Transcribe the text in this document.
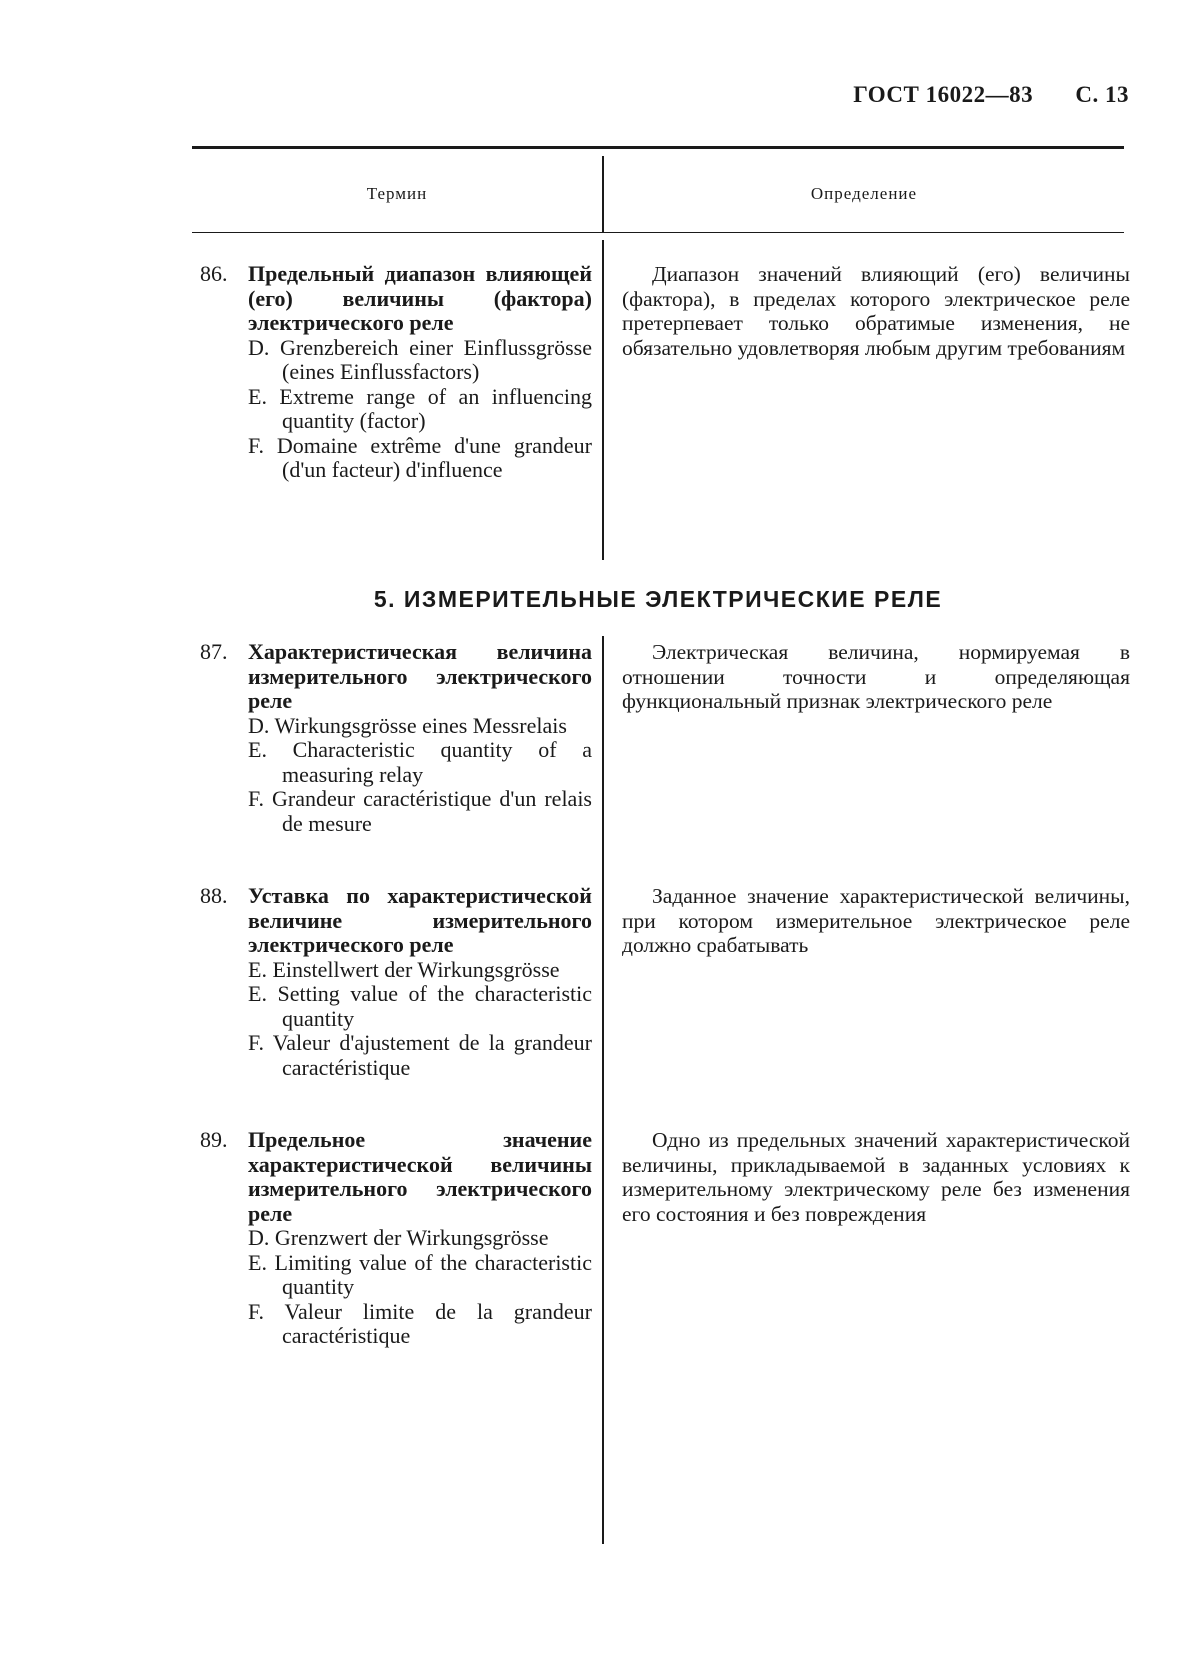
ГОСТ 16022—83 С. 13
Термин	Определение
86. Предельный диапазон влияющей (его) величины (фактора) электрического реле
D. Grenzbereich einer Einflussgrösse (eines Einflussfactors)
E. Extreme range of an influencing quantity (factor)
F. Domaine extrême d'une grandeur (d'un facteur) d'influence
Диапазон значений влияющий (его) величины (фактора), в пределах которого электрическое реле претерпевает только обратимые изменения, не обязательно удовлетворяя любым другим требованиям
5. ИЗМЕРИТЕЛЬНЫЕ ЭЛЕКТРИЧЕСКИЕ РЕЛЕ
87. Характеристическая величина измерительного электрического реле
D. Wirkungsgrösse eines Messrelais
E. Characteristic quantity of a measuring relay
F. Grandeur caractéristique d'un relais de mesure
Электрическая величина, нормируемая в отношении точности и определяющая функциональный признак электрического реле
88. Уставка по характеристической величине измерительного электрического реле
E. Einstellwert der Wirkungsgrösse
E. Setting value of the characteristic quantity
F. Valeur d'ajustement de la grandeur caractéristique
Заданное значение характеристической величины, при котором измерительное электрическое реле должно срабатывать
89. Предельное значение характеристической величины измерительного электрического реле
D. Grenzwert der Wirkungsgrösse
E. Limiting value of the characteristic quantity
F. Valeur limite de la grandeur caractéristique
Одно из предельных значений характеристической величины, прикладываемой в заданных условиях к измерительному электрическому реле без изменения его состояния и без повреждения
